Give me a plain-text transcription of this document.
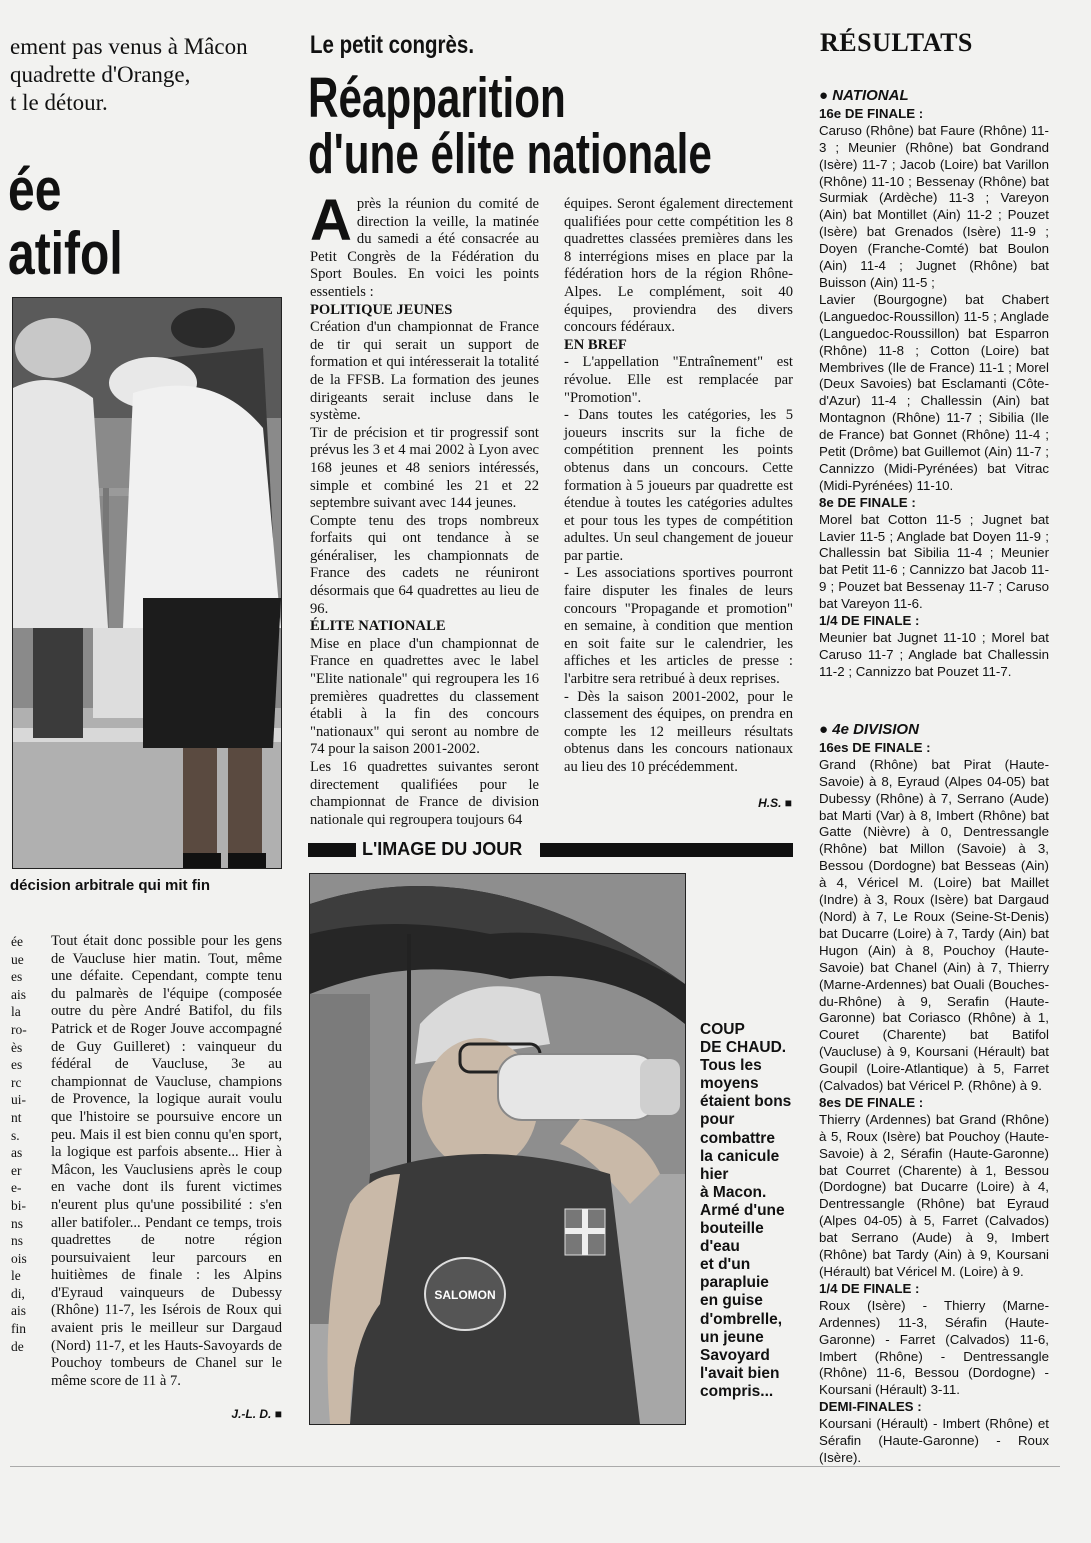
ement pas venus à Mâcon
quadrette d'Orange,
t le détour.
ée
atifol
décision arbitrale qui mit fin
ée
ue
es
ais
la
ro-
ès
es
rc
ui-
nt
s.
as
er
e-
bi-
ns
ns
ois
le
di,
ais
fin
de

Tout était donc possible pour les gens de Vaucluse hier matin. Tout, même une défaite. Cependant, compte tenu du palmarès de l'équipe (composée outre du père André Batifol, du fils Patrick et de Roger Jouve accompagné de Guy Guilleret) : vainqueur du fédéral de Vaucluse, 3e au championnat de Vaucluse, champions de Provence, la logique aurait voulu que l'histoire se poursuive encore un peu. Mais il est bien connu qu'en sport, la logique est parfois absente... Hier à Mâcon, les Vauclusiens après le coup en vache dont ils furent victimes n'eurent plus qu'une possibilité : s'en aller batifoler... Pendant ce temps, trois quadrettes de notre région poursuivaient leur parcours en huitièmes de finale : les Alpins d'Eyraud vainqueurs de Dubessy (Rhône) 11-7, les Isérois de Roux qui avaient pris le meilleur sur Dargaud (Nord) 11-7, et les Hauts-Savoyards de Pouchoy tombeurs de Chanel sur le même score de 11 à 7.

J.-L. D. ■
Le petit congrès.
Réapparition
d'une élite nationale
A près la réunion du comité de direction la veille, la matinée du samedi a été consacrée au Petit Congrès de la Fédération du Sport Boules. En voici les points essentiels :

POLITIQUE JEUNES

Création d'un championnat de France de tir qui serait un support de formation et qui intéresserait la totalité de la FFSB. La formation des jeunes dirigeants serait incluse dans le système.

Tir de précision et tir progressif sont prévus les 3 et 4 mai 2002 à Lyon avec 168 jeunes et 48 seniors intéressés, simple et combiné les 21 et 22 septembre suivant avec 144 jeunes.

Compte tenu des trops nombreux forfaits qui ont tendance à se généraliser, les championnats de France des cadets ne réuniront désormais que 64 quadrettes au lieu de 96.

ÉLITE NATIONALE

Mise en place d'un championnat de France en quadrettes avec le label "Elite nationale" qui regroupera les 16 premières quadrettes du classement établi à la fin des concours "nationaux" qui seront au nombre de 74 pour la saison 2001-2002.

Les 16 quadrettes suivantes seront directement qualifiées pour le championnat de France de division nationale qui regroupera toujours 64

équipes. Seront également directement qualifiées pour cette compétition les 8 quadrettes classées premières dans les 8 interrégions mises en place par la fédération hors de la région Rhône-Alpes. Le complément, soit 40 équipes, proviendra des divers concours fédéraux.

EN BREF

- L'appellation "Entraînement" est révolue. Elle est remplacée par "Promotion".

- Dans toutes les catégories, les 5 joueurs inscrits sur la fiche de compétition prennent les points obtenus dans un concours. Cette formation à 5 joueurs par quadrette est étendue à toutes les catégories adultes et pour tous les types de compétition adultes. Un seul changement de joueur par partie.

- Les associations sportives pourront faire disputer les finales de leurs concours "Propagande et promotion" en semaine, à condition que mention en soit faite sur le calendrier, les affiches et les articles de presse : l'arbitre sera retribué à deux reprises.

- Dès la saison 2001-2002, pour le classement des équipes, on prendra en compte les 12 meilleurs résultats obtenus dans les concours nationaux au lieu des 10 précédemment.

H.S. ■
L'IMAGE DU JOUR
SALOMON
COUP
DE CHAUD.
Tous les
moyens
étaient bons
pour
combattre
la canicule
hier
à Macon.
Armé d'une
bouteille
d'eau
et d'un
parapluie
en guise
d'ombrelle,
un jeune
Savoyard
l'avait bien
compris...
RÉSULTATS

● NATIONAL

16e DE FINALE :

Caruso (Rhône) bat Faure (Rhône) 11-3 ; Meunier (Rhône) bat Gondrand (Isère) 11-7 ; Jacob (Loire) bat Varillon (Rhône) 11-10 ; Bessenay (Rhône) bat Surmiak (Ardèche) 11-3 ; Vareyon (Ain) bat Montillet (Ain) 11-2 ; Pouzet (Isère) bat Grenados (Isère) 11-9 ; Doyen (Franche-Comté) bat Boulon (Ain) 11-4 ; Jugnet (Rhône) bat Buisson (Ain) 11-5 ;

Lavier (Bourgogne) bat Chabert (Languedoc-Roussillon) 11-5 ; Anglade (Languedoc-Roussillon) bat Esparron (Rhône) 11-8 ; Cotton (Loire) bat Membrives (Ile de France) 11-1 ; Morel (Deux Savoies) bat Esclamanti (Côte-d'Azur) 11-4 ; Challessin (Ain) bat Montagnon (Rhône) 11-7 ; Sibilia (Ile de France) bat Gonnet (Rhône) 11-4 ; Petit (Drôme) bat Guillemot (Ain) 11-7 ; Cannizzo (Midi-Pyrénées) bat Vitrac (Midi-Pyrénées) 11-10.

8e DE FINALE :

Morel bat Cotton 11-5 ; Jugnet bat Lavier 11-5 ; Anglade bat Doyen 11-9 ; Challessin bat Sibilia 11-4 ; Meunier bat Petit 11-6 ; Cannizzo bat Jacob 11-9 ; Pouzet bat Bessenay 11-7 ; Caruso bat Vareyon 11-6.

1/4 DE FINALE :

Meunier bat Jugnet 11-10 ; Morel bat Caruso 11-7 ; Anglade bat Challessin 11-2 ; Cannizzo bat Pouzet 11-7.

● 4e DIVISION

16es DE FINALE :

Grand (Rhône) bat Pirat (Haute-Savoie) à 8, Eyraud (Alpes 04-05) bat Dubessy (Rhône) à 7, Serrano (Aude) bat Marti (Var) à 8, Imbert (Rhône) bat Gatte (Nièvre) à 0, Dentressangle (Rhône) bat Millon (Savoie) à 3, Bessou (Dordogne) bat Besseas (Ain) à 4, Véricel M. (Loire) bat Maillet (Indre) à 3, Roux (Isère) bat Dargaud (Nord) à 7, Le Roux (Seine-St-Denis) bat Ducarre (Loire) à 7, Tardy (Ain) bat Hugon (Ain) à 8, Pouchoy (Haute-Savoie) bat Chanel (Ain) à 7, Thierry (Marne-Ardennes) bat Ouali (Bouches-du-Rhône) à 9, Serafin (Haute-Garonne) bat Coriasco (Rhône) à 1, Couret (Charente) bat Batifol (Vaucluse) à 9, Koursani (Hérault) bat Goupil (Loire-Atlantique) à 5, Farret (Calvados) bat Véricel P. (Rhône) à 9.

8es DE FINALE :

Thierry (Ardennes) bat Grand (Rhône) à 5, Roux (Isère) bat Pouchoy (Haute-Savoie) à 2, Sérafin (Haute-Garonne) bat Courret (Charente) à 1, Bessou (Dordogne) bat Ducarre (Loire) à 4, Dentressangle (Rhône) bat Eyraud (Alpes 04-05) à 5, Farret (Calvados) bat Serrano (Aude) à 9, Imbert (Rhône) bat Tardy (Ain) à 9, Koursani (Hérault) bat Véricel M. (Loire) à 9.

1/4 DE FINALE :

Roux (Isère) - Thierry (Marne-Ardennes) 11-3, Sérafin (Haute-Garonne) - Farret (Calvados) 11-6, Imbert (Rhône) - Dentressangle (Rhône) 11-6, Bessou (Dordogne) - Koursani (Hérault) 3-11.

DEMI-FINALES :

Koursani (Hérault) - Imbert (Rhône) et Sérafin (Haute-Garonne) - Roux (Isère).
